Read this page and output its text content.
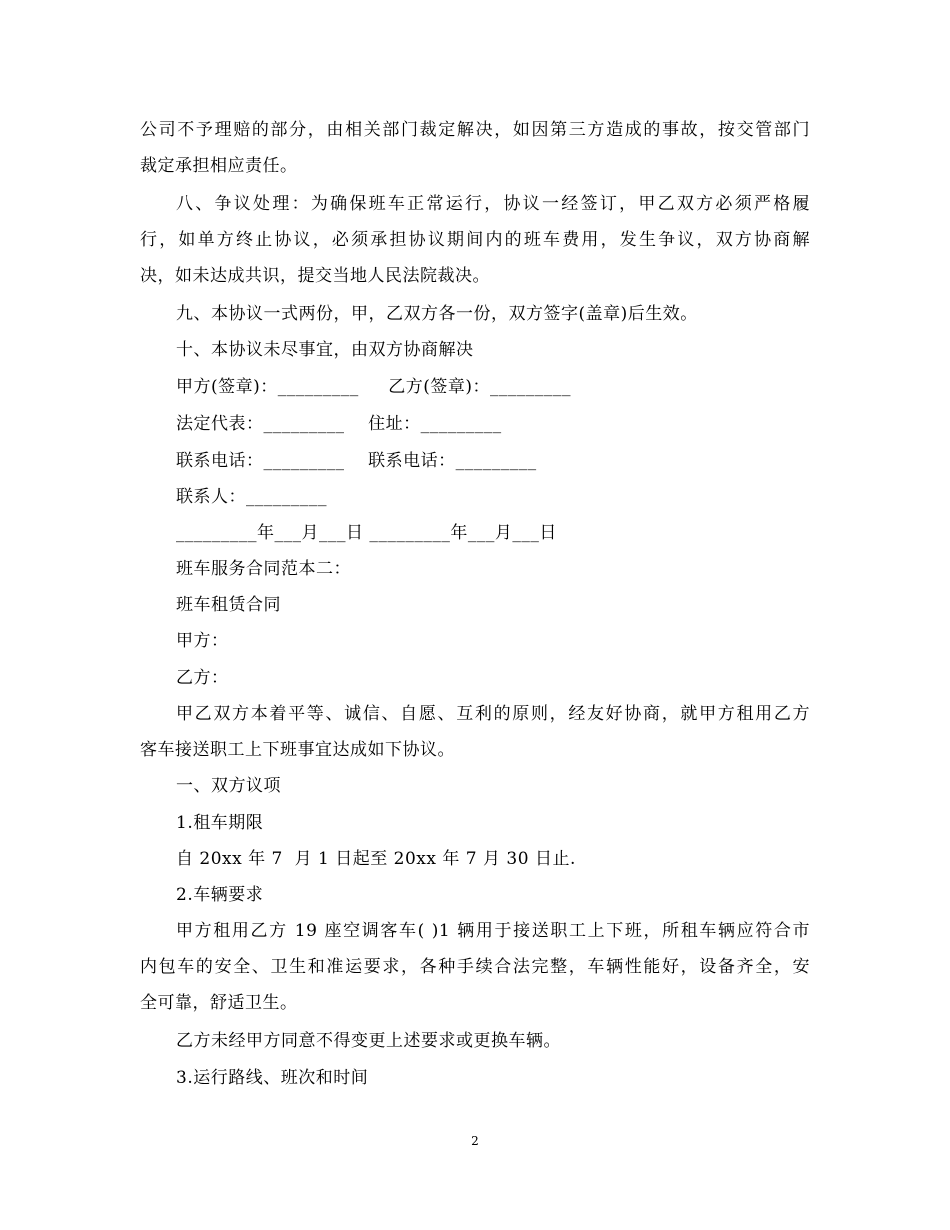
公司不予理赔的部分，由相关部门裁定解决，如因第三方造成的事故，按交管部门
裁定承担相应责任。

八、争议处理：为确保班车正常运行，协议一经签订，甲乙双方必须严格履
行，如单方终止协议，必须承担协议期间内的班车费用，发生争议，双方协商解
决，如未达成共识，提交当地人民法院裁决。

九、本协议一式两份，甲，乙双方各一份，双方签字(盖章)后生效。

十、本协议未尽事宜，由双方协商解决

甲方(签章)：_________     乙方(签章)：_________

法定代表：_________    住址：_________

联系电话：_________    联系电话：_________

联系人：_________

_________年___月___日 _________年___月___日

班车服务合同范本二：

班车租赁合同

甲方：

乙方：

甲乙双方本着平等、诚信、自愿、互利的原则，经友好协商，就甲方租用乙方
客车接送职工上下班事宜达成如下协议。

一、双方议项

1.租车期限

自 20xx 年 7  月 1 日起至 20xx 年 7 月 30 日止.

2.车辆要求

甲方租用乙方 19 座空调客车( )1 辆用于接送职工上下班，所租车辆应符合市
内包车的安全、卫生和准运要求，各种手续合法完整，车辆性能好，设备齐全，安
全可靠，舒适卫生。

乙方未经甲方同意不得变更上述要求或更换车辆。

3.运行路线、班次和时间

2
